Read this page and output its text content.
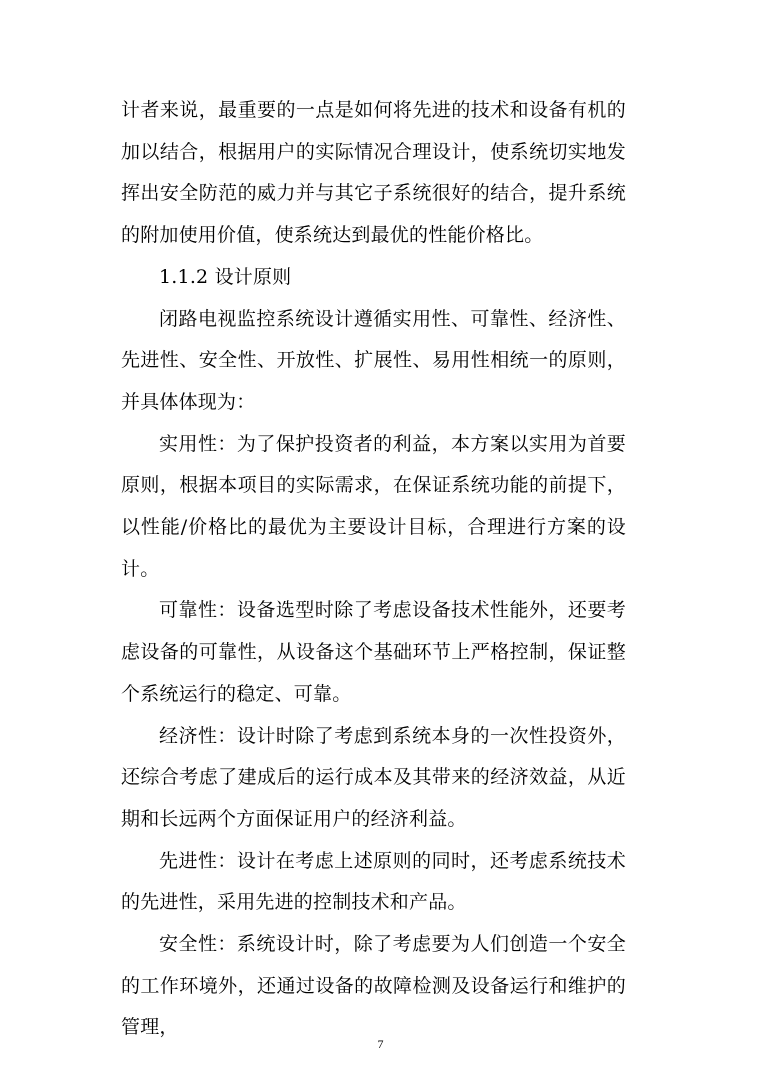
计者来说，最重要的一点是如何将先进的技术和设备有机的加以结合，根据用户的实际情况合理设计，使系统切实地发挥出安全防范的威力并与其它子系统很好的结合，提升系统的附加使用价值，使系统达到最优的性能价格比。

1.1.2 设计原则

闭路电视监控系统设计遵循实用性、可靠性、经济性、先进性、安全性、开放性、扩展性、易用性相统一的原则，并具体体现为：

实用性：为了保护投资者的利益，本方案以实用为首要原则，根据本项目的实际需求，在保证系统功能的前提下，以性能/价格比的最优为主要设计目标，合理进行方案的设计。

可靠性：设备选型时除了考虑设备技术性能外，还要考虑设备的可靠性，从设备这个基础环节上严格控制，保证整个系统运行的稳定、可靠。

经济性：设计时除了考虑到系统本身的一次性投资外，还综合考虑了建成后的运行成本及其带来的经济效益，从近期和长远两个方面保证用户的经济利益。

先进性：设计在考虑上述原则的同时，还考虑系统技术的先进性，采用先进的控制技术和产品。

安全性：系统设计时，除了考虑要为人们创造一个安全的工作环境外，还通过设备的故障检测及设备运行和维护的管理，

7
